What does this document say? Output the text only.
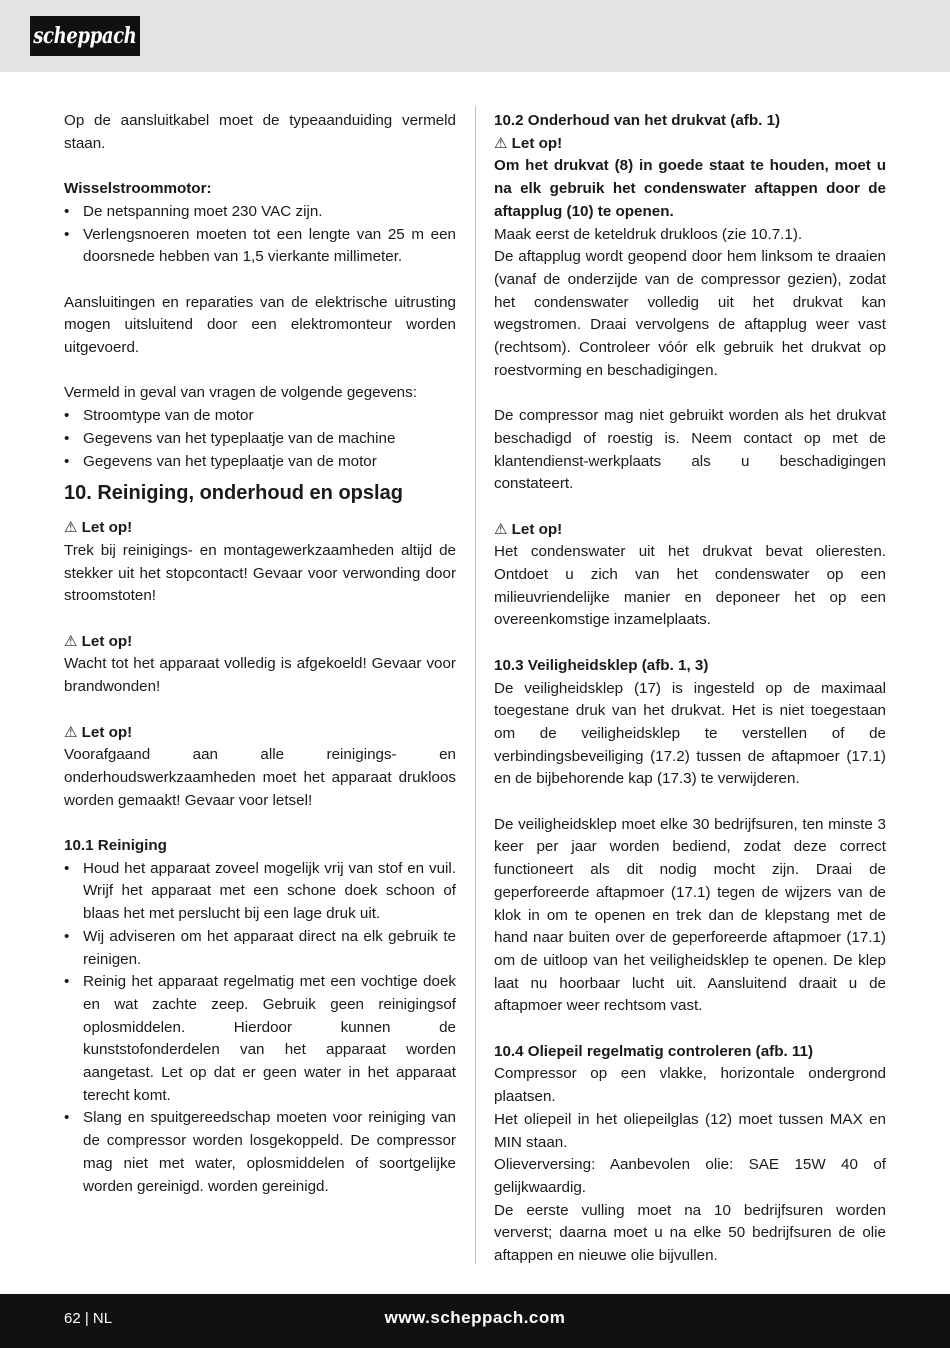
scheppach

Op de aansluitkabel moet de typeaanduiding vermeld staan.

Wisselstroommotor:

• De netspanning moet 230 VAC zijn.
• Verlengsnoeren moeten tot een lengte van 25 m een doorsnede hebben van 1,5 vierkante millimeter.

Aansluitingen en reparaties van de elektrische uitrusting mogen uitsluitend door een elektromonteur worden uitgevoerd.

Vermeld in geval van vragen de volgende gegevens:

• Stroomtype van de motor
• Gegevens van het typeplaatje van de machine
• Gegevens van het typeplaatje van de motor
10. Reiniging, onderhoud en opslag

⚠ Let op!

Trek bij reinigings- en montagewerkzaamheden altijd de stekker uit het stopcontact! Gevaar voor verwonding door stroomstoten!

⚠ Let op!

Wacht tot het apparaat volledig is afgekoeld! Gevaar voor brandwonden!

⚠ Let op!

Voorafgaand aan alle reinigings- en onderhoudswerkzaamheden moet het apparaat drukloos worden gemaakt! Gevaar voor letsel!

10.1 Reiniging

• Houd het apparaat zoveel mogelijk vrij van stof en vuil. Wrijf het apparaat met een schone doek schoon of blaas het met perslucht bij een lage druk uit.
• Wij adviseren om het apparaat direct na elk gebruik te reinigen.
• Reinig het apparaat regelmatig met een vochtige doek en wat zachte zeep. Gebruik geen reinigingsof oplosmiddelen. Hierdoor kunnen de kunststofonderdelen van het apparaat worden aangetast. Let op dat er geen water in het apparaat terecht komt.
• Slang en spuitgereedschap moeten voor reiniging van de compressor worden losgekoppeld. De compressor mag niet met water, oplosmiddelen of soortgelijke worden gereinigd. worden gereinigd.

10.2 Onderhoud van het drukvat (afb. 1)

⚠ Let op!

Om het drukvat (8) in goede staat te houden, moet u na elk gebruik het condenswater aftappen door de aftapplug (10) te openen.

Maak eerst de keteldruk drukloos (zie 10.7.1).

De aftapplug wordt geopend door hem linksom te draaien (vanaf de onderzijde van de compressor gezien), zodat het condenswater volledig uit het drukvat kan wegstromen. Draai vervolgens de aftapplug weer vast (rechtsom). Controleer vóór elk gebruik het drukvat op roestvorming en beschadigingen.

De compressor mag niet gebruikt worden als het drukvat beschadigd of roestig is. Neem contact op met de klantendienst-werkplaats als u beschadigingen constateert.

⚠ Let op!

Het condenswater uit het drukvat bevat olieresten. Ontdoet u zich van het condenswater op een milieuvriendelijke manier en deponeer het op een overeenkomstige inzamelplaats.

10.3 Veiligheidsklep (afb. 1, 3)

De veiligheidsklep (17) is ingesteld op de maximaal toegestane druk van het drukvat. Het is niet toegestaan om de veiligheidsklep te verstellen of de verbindingsbeveiliging (17.2) tussen de aftapmoer (17.1) en de bijbehorende kap (17.3) te verwijderen.

De veiligheidsklep moet elke 30 bedrijfsuren, ten minste 3 keer per jaar worden bediend, zodat deze correct functioneert als dit nodig mocht zijn. Draai de geperforeerde aftapmoer (17.1) tegen de wijzers van de klok in om te openen en trek dan de klepstang met de hand naar buiten over de geperforeerde aftapmoer (17.1) om de uitloop van het veiligheidsklep te openen. De klep laat nu hoorbaar lucht uit. Aansluitend draait u de aftapmoer weer rechtsom vast.

10.4 Oliepeil regelmatig controleren (afb. 11)

Compressor op een vlakke, horizontale ondergrond plaatsen.

Het oliepeil in het oliepeilglas (12) moet tussen MAX en MIN staan.

Olieverversing: Aanbevolen olie: SAE 15W 40 of gelijkwaardig.

De eerste vulling moet na 10 bedrijfsuren worden ververst; daarna moet u na elke 50 bedrijfsuren de olie aftappen en nieuwe olie bijvullen.

62 | NL	www.scheppach.com
